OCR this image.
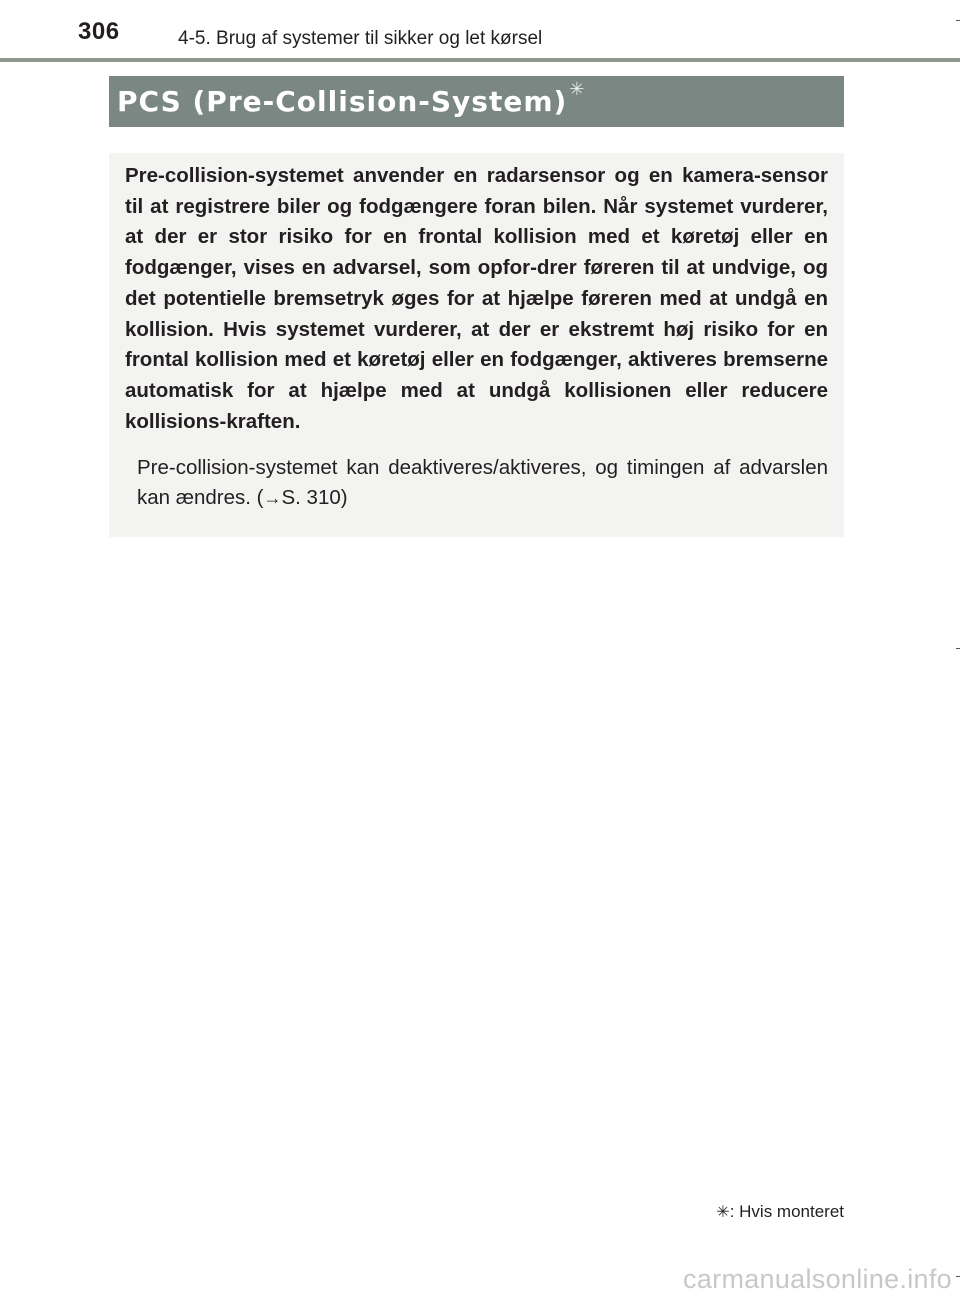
306	4-5. Brug af systemer til sikker og let kørsel
PCS (Pre-Collision-System) ✳

Pre-collision-systemet anvender en radarsensor og en kamera-sensor til at registrere biler og fodgængere foran bilen. Når systemet vurderer, at der er stor risiko for en frontal kollision med et køretøj eller en fodgænger, vises en advarsel, som opfor-drer føreren til at undvige, og det potentielle bremsetryk øges for at hjælpe føreren med at undgå en kollision. Hvis systemet vurderer, at der er ekstremt høj risiko for en frontal kollision med et køretøj eller en fodgænger, aktiveres bremserne automatisk for at hjælpe med at undgå kollisionen eller reducere kollisions-kraften.

Pre-collision-systemet kan deaktiveres/aktiveres, og timingen af advarslen kan ændres. (→S. 310)

✳: Hvis monteret
carmanualsonline.info
